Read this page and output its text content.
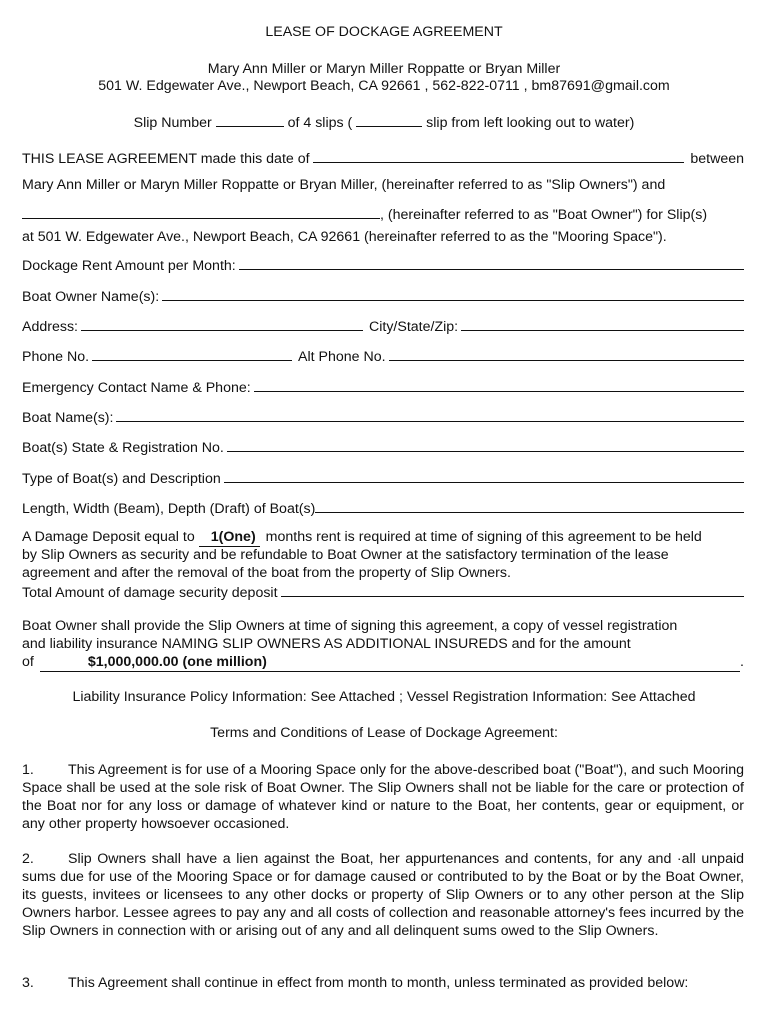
LEASE OF DOCKAGE AGREEMENT
Mary Ann Miller or Maryn Miller Roppatte or Bryan Miller
501 W. Edgewater Ave., Newport Beach, CA 92661 , 562-822-0711 , bm87691@gmail.com
Slip Number	of 4 slips (	slip from left looking out to water)
THIS LEASE AGREEMENT made this date of	between
Mary Ann Miller or Maryn Miller Roppatte or Bryan Miller, (hereinafter referred to as "Slip Owners") and
, (hereinafter referred to as "Boat Owner") for Slip(s)
at 501 W. Edgewater Ave., Newport Beach, CA 92661 (hereinafter referred to as the "Mooring Space").
Dockage Rent Amount per Month:
Boat Owner Name(s):
Address:	City/State/Zip:
Phone No.	Alt Phone No.
Emergency Contact Name & Phone:
Boat Name(s):
Boat(s) State & Registration No.
Type of Boat(s) and Description
Length, Width (Beam), Depth (Draft) of Boat(s)
A Damage Deposit equal to	1(One) months rent is required at time of signing of this agreement to be held
by Slip Owners as security and be refundable to Boat Owner at the satisfactory termination of the lease
agreement and after the removal of the boat from the property of Slip Owners.
Total Amount of damage security deposit
Boat Owner shall provide the Slip Owners at time of signing this agreement, a copy of vessel registration
and liability insurance NAMING SLIP OWNERS AS ADDITIONAL INSUREDS and for the amount
of	$1,000,000.00 (one million)	.
Liability Insurance Policy Information: See Attached ; Vessel Registration Information: See Attached
Terms and Conditions of Lease of Dockage Agreement:
1. This Agreement is for use of a Mooring Space only for the above-described boat ("Boat"), and such Mooring Space shall be used at the sole risk of Boat Owner. The Slip Owners shall not be liable for the care or protection of the Boat nor for any loss or damage of whatever kind or nature to the Boat, her contents, gear or equipment, or any other property howsoever occasioned.
2. Slip Owners shall have a lien against the Boat, her appurtenances and contents, for any and ·all unpaid sums due for use of the Mooring Space or for damage caused or contributed to by the Boat or by the Boat Owner, its guests, invitees or licensees to any other docks or property of Slip Owners or to any other person at the Slip Owners harbor. Lessee agrees to pay any and all costs of collection and reasonable attorney's fees incurred by the Slip Owners in connection with or arising out of any and all delinquent sums owed to the Slip Owners.
3. This Agreement shall continue in effect from month to month, unless terminated as provided below:
